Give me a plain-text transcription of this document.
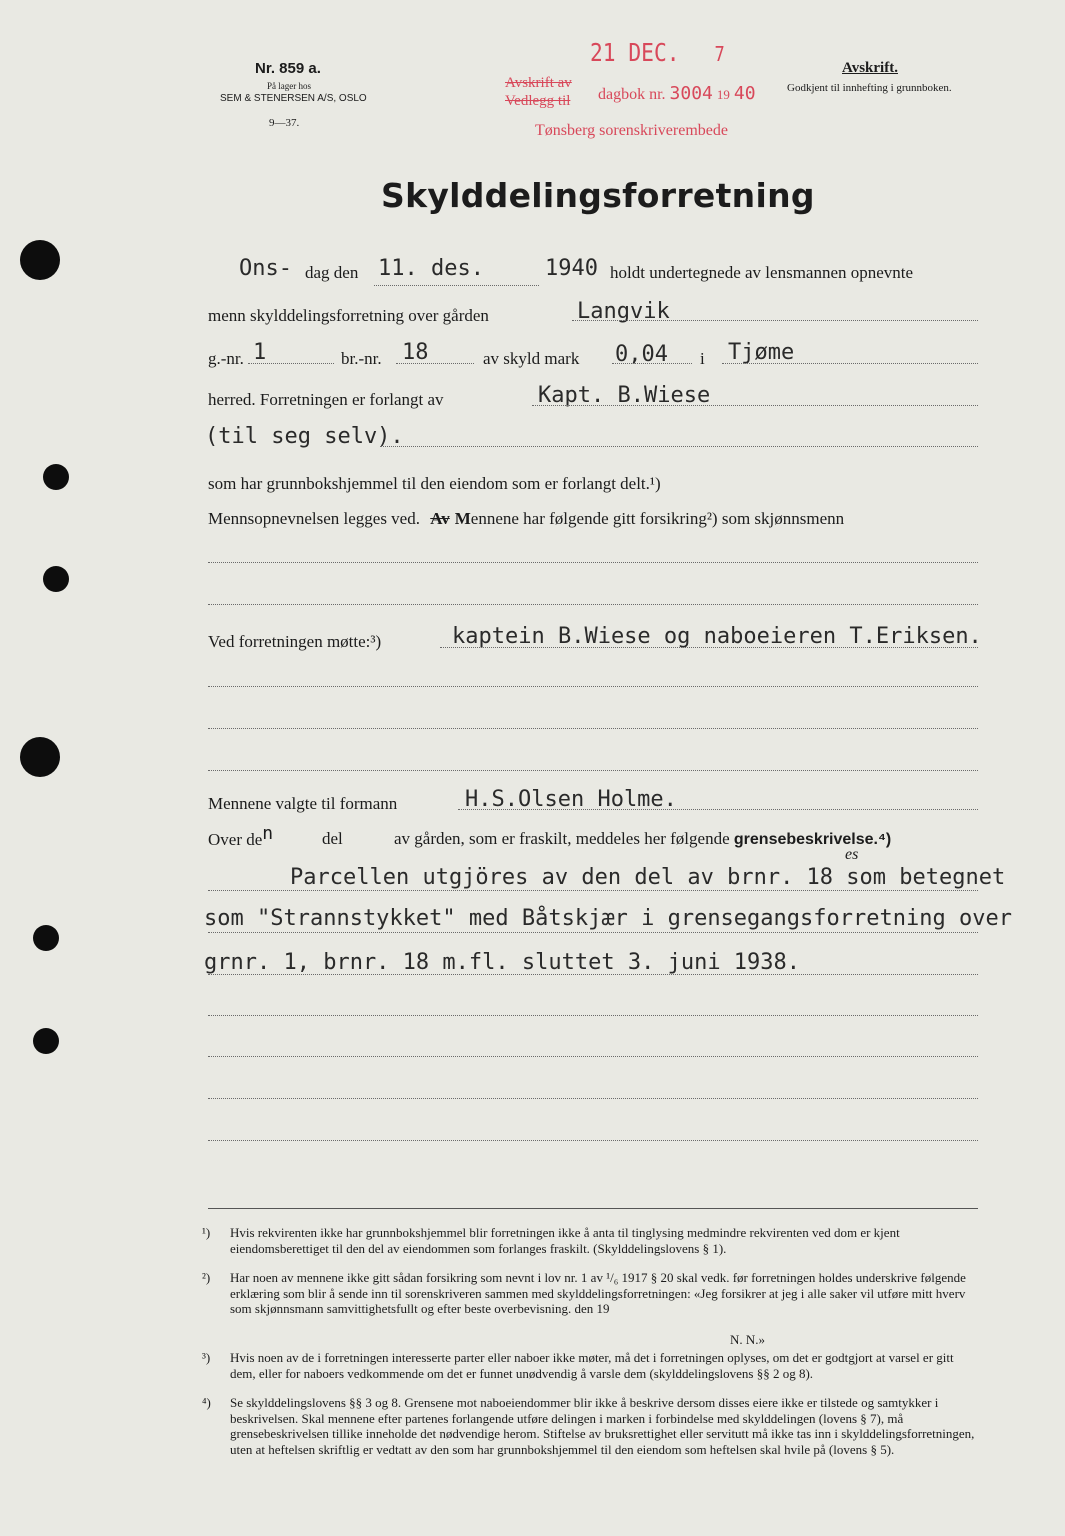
Nr. 859 a.
På lager hos
SEM & STENERSEN A/S, OSLO
9—37.
21 DEC. 7
Avskrift av
Vedlegg til dagbok nr. 3004 19 40
Tønsberg sorenskriverembede
Avskrift.
Godkjent til innhefting i grunnboken.
Skylddelingsforretning
Ons- dag den 11. des.	1940 holdt undertegnede av lensmannen opnevnte
menn skylddelingsforretning over gården	Langvik
g.-nr. 1	br.-nr. 18	av skyld mark 0,04 i Tjøme
herred. Forretningen er forlangt av	Kapt. B.Wiese
(til seg selv).
som har grunnbokshjemmel til den eiendom som er forlangt delt.¹)
Mennsopnevnelsen legges ved. Av Mennene har følgende gitt forsikring²) som skjønnsmenn
Ved forretningen møtte:³)	kaptein B.Wiese og naboeieren T.Eriksen.
Mennene valgte til formann	H.S.Olsen Holme.
Over den	del	av gården, som er fraskilt, meddeles her følgende grensebeskrivelse.⁴)
Parcellen utgjöres av den del av brnr. 18 som betegnet
es
som "Strannstykket" med Båtskjær i grensegangsforretning over
grnr. 1, brnr. 18 m.fl. sluttet 3. juni 1938.
¹) Hvis rekvirenten ikke har grunnbokshjemmel blir forretningen ikke å anta til tinglysing medmindre rekvirenten ved dom er kjent eiendomsberettiget til den del av eiendommen som forlanges fraskilt. (Skylddelingslovens § 1).
²) Har noen av mennene ikke gitt sådan forsikring som nevnt i lov nr. 1 av ¹/₆ 1917 § 20 skal vedk. før forretningen holdes underskrive følgende erklæring som blir å sende inn til sorenskriveren sammen med skylddelingsforretningen: «Jeg forsikrer at jeg i alle saker vil utføre mitt hverv som skjønnsmann samvittighetsfullt og efter beste overbevisning. den 19
N. N.»
³) Hvis noen av de i forretningen interesserte parter eller naboer ikke møter, må det i forretningen oplyses, om det er godtgjort at varsel er gitt dem, eller for naboers vedkommende om det er funnet unødvendig å varsle dem (skylddelingslovens §§ 2 og 8).
⁴) Se skylddelingslovens §§ 3 og 8. Grensene mot naboeiendommer blir ikke å beskrive dersom disses eiere ikke er tilstede og samtykker i beskrivelsen. Skal mennene efter partenes forlangende utføre delingen i marken i forbindelse med skylddelingen (lovens § 7), må grensebeskrivelsen tillike inneholde det nødvendige herom. Stiftelse av bruksrettighet eller servitutt må ikke tas inn i skylddelingsforretningen, uten at heftelsen skriftlig er vedtatt av den som har grunnbokshjemmel til den eiendom som heftelsen skal hvile på (lovens § 5).
